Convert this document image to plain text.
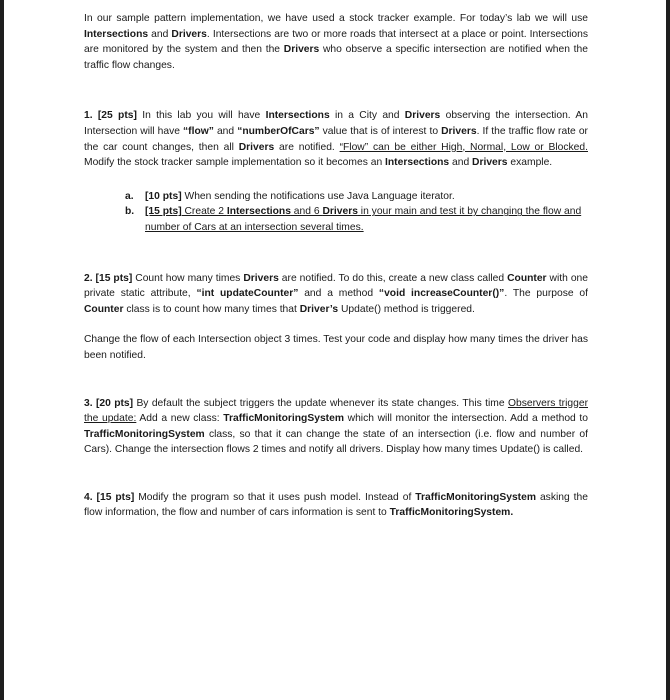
In our sample pattern implementation, we have used a stock tracker example. For today’s lab we will use Intersections and Drivers. Intersections are two or more roads that intersect at a place or point. Intersections are monitored by the system and then the Drivers who observe a specific intersection are notified when the traffic flow changes.

1. [25 pts] In this lab you will have Intersections in a City and Drivers observing the intersection. An Intersection will have “flow” and “numberOfCars” value that is of interest to Drivers. If the traffic flow rate or the car count changes, then all Drivers are notified. “Flow” can be either High, Normal, Low or Blocked. Modify the stock tracker sample implementation so it becomes an Intersections and Drivers example.

a. [10 pts] When sending the notifications use Java Language iterator.
b. [15 pts] Create 2 Intersections and 6 Drivers in your main and test it by changing the flow and number of Cars at an intersection several times.

2. [15 pts] Count how many times Drivers are notified. To do this, create a new class called Counter with one private static attribute, “int updateCounter” and a method “void increaseCounter()”. The purpose of Counter class is to count how many times that Driver’s Update() method is triggered.

Change the flow of each Intersection object 3 times. Test your code and display how many times the driver has been notified.

3. [20 pts] By default the subject triggers the update whenever its state changes. This time Observers trigger the update: Add a new class: TrafficMonitoringSystem which will monitor the intersection. Add a method to TrafficMonitoringSystem class, so that it can change the state of an intersection (i.e. flow and number of Cars). Change the intersection flows 2 times and notify all drivers. Display how many times Update() is called.

4. [15 pts] Modify the program so that it uses push model. Instead of TrafficMonitoringSystem asking the flow information, the flow and number of cars information is sent to TrafficMonitoringSystem.
